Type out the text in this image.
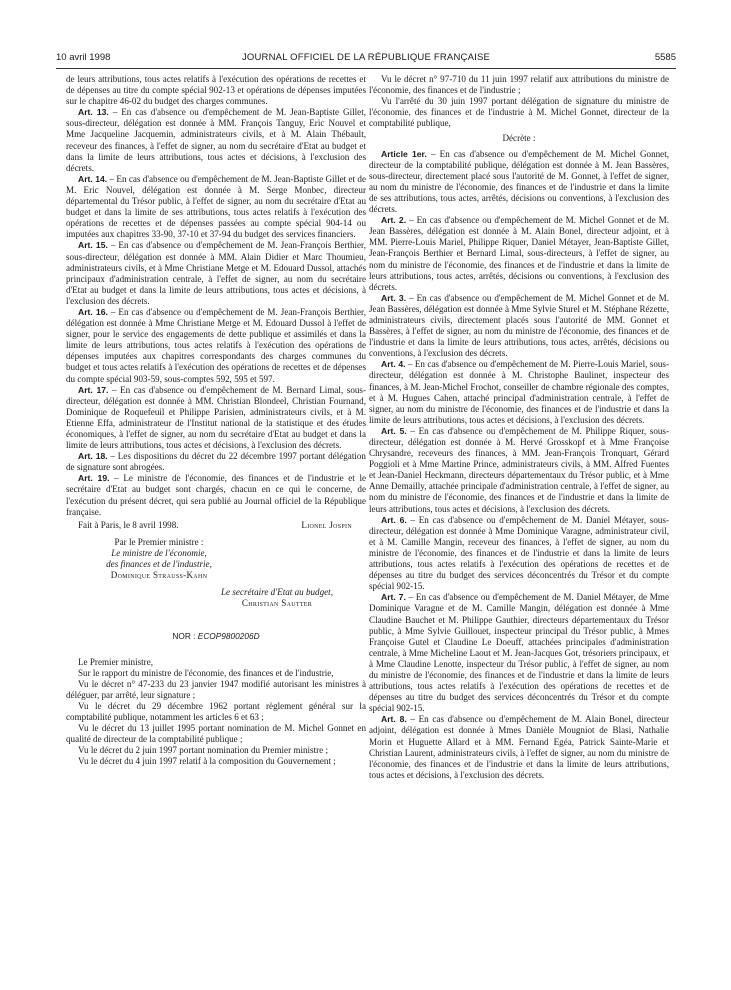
10 avril 1998	JOURNAL OFFICIEL DE LA RÉPUBLIQUE FRANÇAISE	5585

de leurs attributions, tous actes relatifs à l'exécution des opérations de recettes et de dépenses au titre du compte spécial 902-13 et opérations de dépenses imputées sur le chapitre 46-02 du budget des charges communes.

Art. 13. – En cas d'absence ou d'empêchement de M. Jean-Baptiste Gillet, sous-directeur, délégation est donnée à MM. François Tanguy, Eric Nouvel et Mme Jacqueline Jacquemin, administrateurs civils, et à M. Alain Thébault, receveur des finances, à l'effet de signer, au nom du secrétaire d'Etat au budget et dans la limite de leurs attributions, tous actes et décisions, à l'exclusion des décrets.

Art. 14. – En cas d'absence ou d'empêchement de M. Jean-Baptiste Gillet et de M. Eric Nouvel, délégation est donnée à M. Serge Monbec, directeur départemental du Trésor public, à l'effet de signer, au nom du secrétaire d'Etat au budget et dans la limite de ses attributions, tous actes relatifs à l'exécution des opérations de recettes et de dépenses passées au compte spécial 904-14 ou imputées aux chapitres 33-90, 37-10 et 37-94 du budget des services financiers.

Art. 15. – En cas d'absence ou d'empêchement de M. Jean-François Berthier, sous-directeur, délégation est donnée à MM. Alain Didier et Marc Thoumieu, administrateurs civils, et à Mme Christiane Metge et M. Edouard Dussol, attachés principaux d'administration centrale, à l'effet de signer, au nom du secrétaire d'Etat au budget et dans la limite de leurs attributions, tous actes et décisions, à l'exclusion des décrets.

Art. 16. – En cas d'absence ou d'empêchement de M. Jean-François Berthier, délégation est donnée à Mme Christiane Metge et M. Edouard Dussol à l'effet de signer, pour le service des engagements de dette publique et assimilés et dans la limite de leurs attributions, tous actes relatifs à l'exécution des opérations de dépenses imputées aux chapitres correspondants des charges communes du budget et tous actes relatifs à l'exécution des opérations de recettes et de dépenses du compte spécial 903-59, sous-comptes 592, 595 et 597.

Art. 17. – En cas d'absence ou d'empêchement de M. Bernard Limal, sous-directeur, délégation est donnée à MM. Christian Blondeel, Christian Fournand, Dominique de Roquefeuil et Philippe Parisien, administrateurs civils, et à M. Etienne Effa, administrateur de l'Institut national de la statistique et des études économiques, à l'effet de signer, au nom du secrétaire d'Etat au budget et dans la limite de leurs attributions, tous actes et décisions, à l'exclusion des décrets.

Art. 18. – Les dispositions du décret du 22 décembre 1997 portant délégation de signature sont abrogées.

Art. 19. – Le ministre de l'économie, des finances et de l'industrie et le secrétaire d'Etat au budget sont chargés, chacun en ce qui le concerne, de l'exécution du présent décret, qui sera publié au Journal officiel de la République française.

Fait à Paris, le 8 avril 1998.	Lionel Jospin
Par le Premier ministre :
Le ministre de l'économie,
des finances et de l'industrie,
Dominique Strauss-Kahn
Le secrétaire d'Etat au budget,
Christian Sautter
NOR : ECOP9800206D

Le Premier ministre,

Sur le rapport du ministre de l'économie, des finances et de l'industrie,

Vu le décret n° 47-233 du 23 janvier 1947 modifié autorisant les ministres à déléguer, par arrêté, leur signature ;

Vu le décret du 29 décembre 1962 portant règlement général sur la comptabilité publique, notamment les articles 6 et 63 ;

Vu le décret du 13 juillet 1995 portant nomination de M. Michel Gonnet en qualité de directeur de la comptabilité publique ;

Vu le décret du 2 juin 1997 portant nomination du Premier ministre ;

Vu le décret du 4 juin 1997 relatif à la composition du Gouvernement ;

Vu le décret n° 97-710 du 11 juin 1997 relatif aux attributions du ministre de l'économie, des finances et de l'industrie ;

Vu l'arrêté du 30 juin 1997 portant délégation de signature du ministre de l'économie, des finances et de l'industrie à M. Michel Gonnet, directeur de la comptabilité publique,

Décrète :

Article 1er. – En cas d'absence ou d'empêchement de M. Michel Gonnet, directeur de la comptabilité publique, délégation est donnée à M. Jean Bassères, sous-directeur, directement placé sous l'autorité de M. Gonnet, à l'effet de signer, au nom du ministre de l'économie, des finances et de l'industrie et dans la limite de ses attributions, tous actes, arrêtés, décisions ou conventions, à l'exclusion des décrets.

Art. 2. – En cas d'absence ou d'empêchement de M. Michel Gonnet et de M. Jean Bassères, délégation est donnée à M. Alain Bonel, directeur adjoint, et à MM. Pierre-Louis Mariel, Philippe Riquer, Daniel Métayer, Jean-Baptiste Gillet, Jean-François Berthier et Bernard Limal, sous-directeurs, à l'effet de signer, au nom du ministre de l'économie, des finances et de l'industrie et dans la limite de leurs attributions, tous actes, arrêtés, décisions ou conventions, à l'exclusion des décrets.

Art. 3. – En cas d'absence ou d'empêchement de M. Michel Gonnet et de M. Jean Bassères, délégation est donnée à Mme Sylvie Sturel et M. Stéphane Rézette, administrateurs civils, directement placés sous l'autorité de MM. Gonnet et Bassères, à l'effet de signer, au nom du ministre de l'économie, des finances et de l'industrie et dans la limite de leurs attributions, tous actes, arrêtés, décisions ou conventions, à l'exclusion des décrets.

Art. 4. – En cas d'absence ou d'empêchement de M. Pierre-Louis Mariel, sous-directeur, délégation est donnée à M. Christophe Baulinet, inspecteur des finances, à M. Jean-Michel Frochot, conseiller de chambre régionale des comptes, et à M. Hugues Cahen, attaché principal d'administration centrale, à l'effet de signer, au nom du ministre de l'économie, des finances et de l'industrie et dans la limite de leurs attributions, tous actes et décisions, à l'exclusion des décrets.

Art. 5. – En cas d'absence ou d'empêchement de M. Philippe Riquer, sous-directeur, délégation est donnée à M. Hervé Grosskopf et à Mme Françoise Chrysandre, receveurs des finances, à MM. Jean-François Tronquart, Gérard Poggioli et à Mme Martine Prince, administrateurs civils, à MM. Alfred Fuentes et Jean-Daniel Heckmann, directeurs départementaux du Trésor public, et à Mme Anne Demailly, attachée principale d'administration centrale, à l'effet de signer, au nom du ministre de l'économie, des finances et de l'industrie et dans la limite de leurs attributions, tous actes et décisions, à l'exclusion des décrets.

Art. 6. – En cas d'absence ou d'empêchement de M. Daniel Métayer, sous-directeur, délégation est donnée à Mme Dominique Varagne, administrateur civil, et à M. Camille Mangin, receveur des finances, à l'effet de signer, au nom du ministre de l'économie, des finances et de l'industrie et dans la limite de leurs attributions, tous actes relatifs à l'exécution des opérations de recettes et de dépenses au titre du budget des services déconcentrés du Trésor et du compte spécial 902-15.

Art. 7. – En cas d'absence ou d'empêchement de M. Daniel Métayer, de Mme Dominique Varagne et de M. Camille Mangin, délégation est donnée à Mme Claudine Bauchet et M. Philippe Gauthier, directeurs départementaux du Trésor public, à Mme Sylvie Guillouet, inspecteur principal du Trésor public, à Mmes Françoise Gutel et Claudine Le Doeuff, attachées principales d'administration centrale, à Mme Micheline Laout et M. Jean-Jacques Got, trésoriers principaux, et à Mme Claudine Lenotte, inspecteur du Trésor public, à l'effet de signer, au nom du ministre de l'économie, des finances et de l'industrie et dans la limite de leurs attributions, tous actes relatifs à l'exécution des opérations de recettes et de dépenses au titre du budget des services déconcentrés du Trésor et du compte spécial 902-15.

Art. 8. – En cas d'absence ou d'empêchement de M. Alain Bonel, directeur adjoint, délégation est donnée à Mmes Danièle Mougniot de Blasi, Nathalie Morin et Huguette Allard et à MM. Fernand Egéa, Patrick Sainte-Marie et Christian Laurent, administrateurs civils, à l'effet de signer, au nom du ministre de l'économie, des finances et de l'industrie et dans la limite de leurs attributions, tous actes et décisions, à l'exclusion des décrets.
